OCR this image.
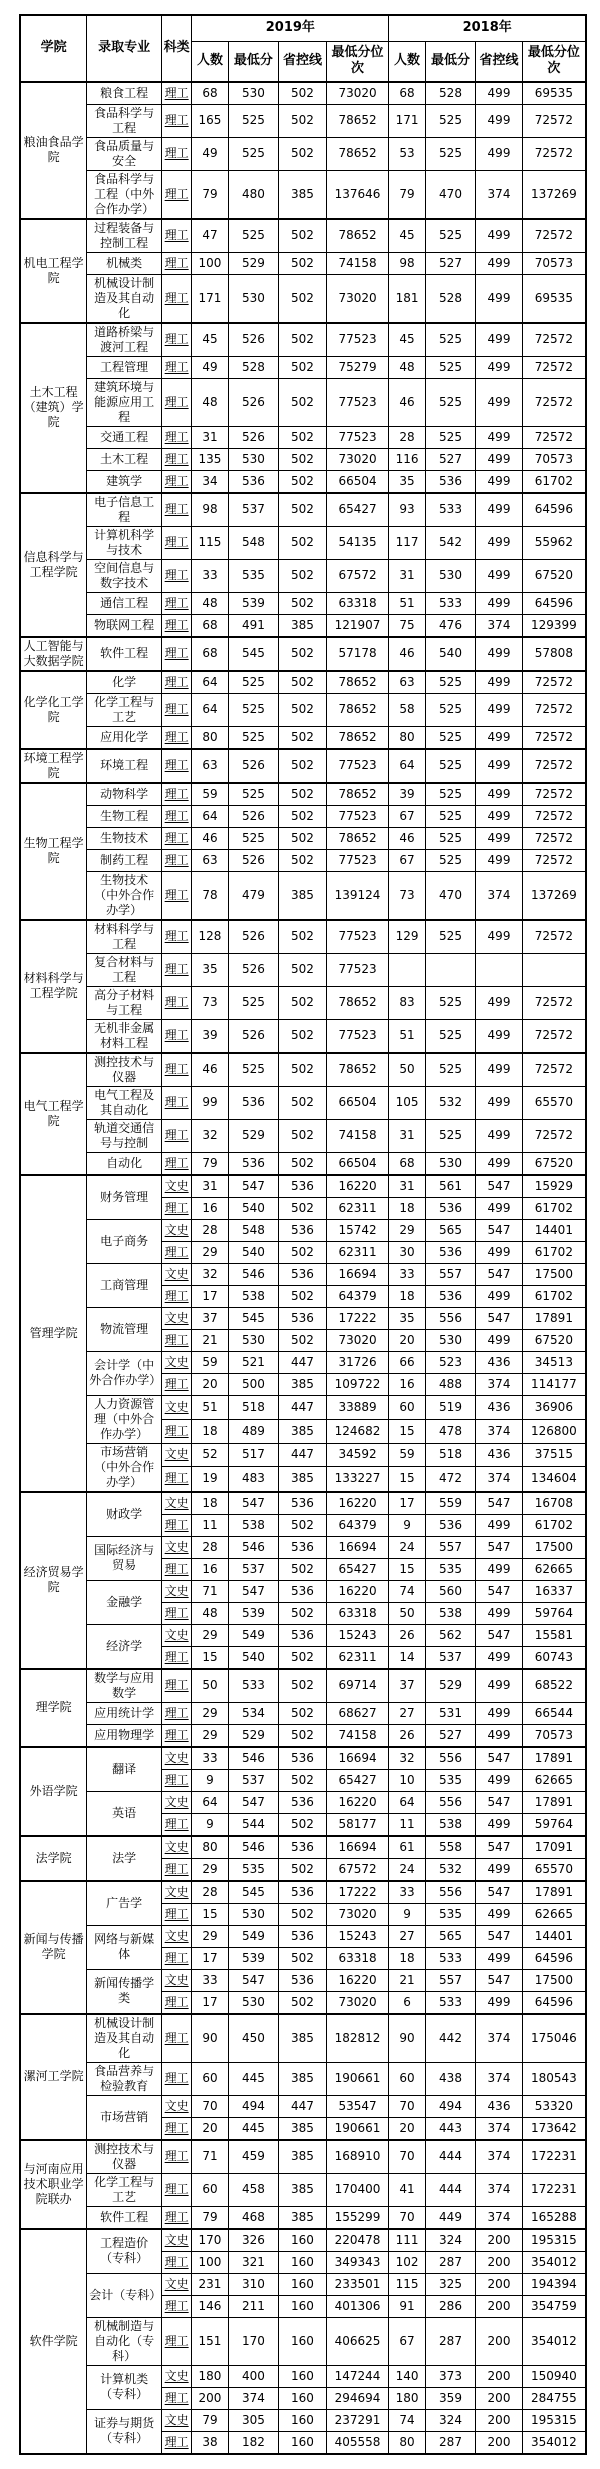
学院	录取专业	科类	2019年				2018年			
			人数	最低分	省控线	最低分位次	人数	最低分	省控线	最低分位次
粮油食品学院	粮食工程	理工	68	530	502	73020	68	528	499	69535
	食品科学与工程	理工	165	525	502	78652	171	525	499	72572
	食品质量与安全	理工	49	525	502	78652	53	525	499	72572
	食品科学与工程（中外合作办学）	理工	79	480	385	137646	79	470	374	137269
机电工程学院	过程装备与控制工程	理工	47	525	502	78652	45	525	499	72572
	机械类	理工	100	529	502	74158	98	527	499	70573
	机械设计制造及其自动化	理工	171	530	502	73020	181	528	499	69535
土木工程（建筑）学院	道路桥梁与渡河工程	理工	45	526	502	77523	45	525	499	72572
	工程管理	理工	49	528	502	75279	48	525	499	72572
	建筑环境与能源应用工程	理工	48	526	502	77523	46	525	499	72572
	交通工程	理工	31	526	502	77523	28	525	499	72572
	土木工程	理工	135	530	502	73020	116	527	499	70573
	建筑学	理工	34	536	502	66504	35	536	499	61702
信息科学与工程学院	电子信息工程	理工	98	537	502	65427	93	533	499	64596
	计算机科学与技术	理工	115	548	502	54135	117	542	499	55962
	空间信息与数字技术	理工	33	535	502	67572	31	530	499	67520
	通信工程	理工	48	539	502	63318	51	533	499	64596
	物联网工程	理工	68	491	385	121907	75	476	374	129399
人工智能与大数据学院	软件工程	理工	68	545	502	57178	46	540	499	57808
化学化工学院	化学	理工	64	525	502	78652	63	525	499	72572
	化学工程与工艺	理工	64	525	502	78652	58	525	499	72572
	应用化学	理工	80	525	502	78652	80	525	499	72572
环境工程学院	环境工程	理工	63	526	502	77523	64	525	499	72572
生物工程学院	动物科学	理工	59	525	502	78652	39	525	499	72572
	生物工程	理工	64	526	502	77523	67	525	499	72572
	生物技术	理工	46	525	502	78652	46	525	499	72572
	制药工程	理工	63	526	502	77523	67	525	499	72572
	生物技术（中外合作办学）	理工	78	479	385	139124	73	470	374	137269
材料科学与工程学院	材料科学与工程	理工	128	526	502	77523	129	525	499	72572
	复合材料与工程	理工	35	526	502	77523				
	高分子材料与工程	理工	73	525	502	78652	83	525	499	72572
	无机非金属材料工程	理工	39	526	502	77523	51	525	499	72572
电气工程学院	测控技术与仪器	理工	46	525	502	78652	50	525	499	72572
	电气工程及其自动化	理工	99	536	502	66504	105	532	499	65570
	轨道交通信号与控制	理工	32	529	502	74158	31	525	499	72572
	自动化	理工	79	536	502	66504	68	530	499	67520
管理学院	财务管理	文史	31	547	536	16220	31	561	547	15929
		理工	16	540	502	62311	18	536	499	61702
	电子商务	文史	28	548	536	15742	29	565	547	14401
		理工	29	540	502	62311	30	536	499	61702
	工商管理	文史	32	546	536	16694	33	557	547	17500
		理工	17	538	502	64379	18	536	499	61702
	物流管理	文史	37	545	536	17222	35	556	547	17891
		理工	21	530	502	73020	20	530	499	67520
	会计学（中外合作办学）	文史	59	521	447	31726	66	523	436	34513
		理工	20	500	385	109722	16	488	374	114177
	人力资源管理（中外合作办学）	文史	51	518	447	33889	60	519	436	36906
		理工	18	489	385	124682	15	478	374	126800
	市场营销（中外合作办学）	文史	52	517	447	34592	59	518	436	37515
		理工	19	483	385	133227	15	472	374	134604
经济贸易学院	财政学	文史	18	547	536	16220	17	559	547	16708
		理工	11	538	502	64379	9	536	499	61702
	国际经济与贸易	文史	28	546	536	16694	24	557	547	17500
		理工	16	537	502	65427	15	535	499	62665
	金融学	文史	71	547	536	16220	74	560	547	16337
		理工	48	539	502	63318	50	538	499	59764
	经济学	文史	29	549	536	15243	26	562	547	15581
		理工	15	540	502	62311	14	537	499	60743
理学院	数学与应用数学	理工	50	533	502	69714	37	529	499	68522
	应用统计学	理工	29	534	502	68627	27	531	499	66544
	应用物理学	理工	29	529	502	74158	26	527	499	70573
外语学院	翻译	文史	33	546	536	16694	32	556	547	17891
		理工	9	537	502	65427	10	535	499	62665
	英语	文史	64	547	536	16220	64	556	547	17891
		理工	9	544	502	58177	11	538	499	59764
法学院	法学	文史	80	546	536	16694	61	558	547	17091
		理工	29	535	502	67572	24	532	499	65570
新闻与传播学院	广告学	文史	28	545	536	17222	33	556	547	17891
		理工	15	530	502	73020	9	535	499	62665
	网络与新媒体	文史	29	549	536	15243	27	565	547	14401
		理工	17	539	502	63318	18	533	499	64596
	新闻传播学类	文史	33	547	536	16220	21	557	547	17500
		理工	17	530	502	73020	6	533	499	64596
漯河工学院	机械设计制造及其自动化	理工	90	450	385	182812	90	442	374	175046
	食品营养与检验教育	理工	60	445	385	190661	60	438	374	180543
	市场营销	文史	70	494	447	53547	70	494	436	53320
		理工	20	445	385	190661	20	443	374	173642
与河南应用技术职业学院联办	测控技术与仪器	理工	71	459	385	168910	70	444	374	172231
	化学工程与工艺	理工	60	458	385	170400	41	444	374	172231
	软件工程	理工	79	468	385	155299	70	449	374	165288
软件学院	工程造价（专科）	文史	170	326	160	220478	111	324	200	195315
		理工	100	321	160	349343	102	287	200	354012
	会计（专科）	文史	231	310	160	233501	115	325	200	194394
		理工	146	211	160	401306	91	286	200	354759
	机械制造与自动化（专科）	理工	151	170	160	406625	67	287	200	354012
	计算机类（专科）	文史	180	400	160	147244	140	373	200	150940
		理工	200	374	160	294694	180	359	200	284755
	证券与期货（专科）	文史	79	305	160	237291	74	324	200	195315
		理工	38	182	160	405558	80	287	200	354012
